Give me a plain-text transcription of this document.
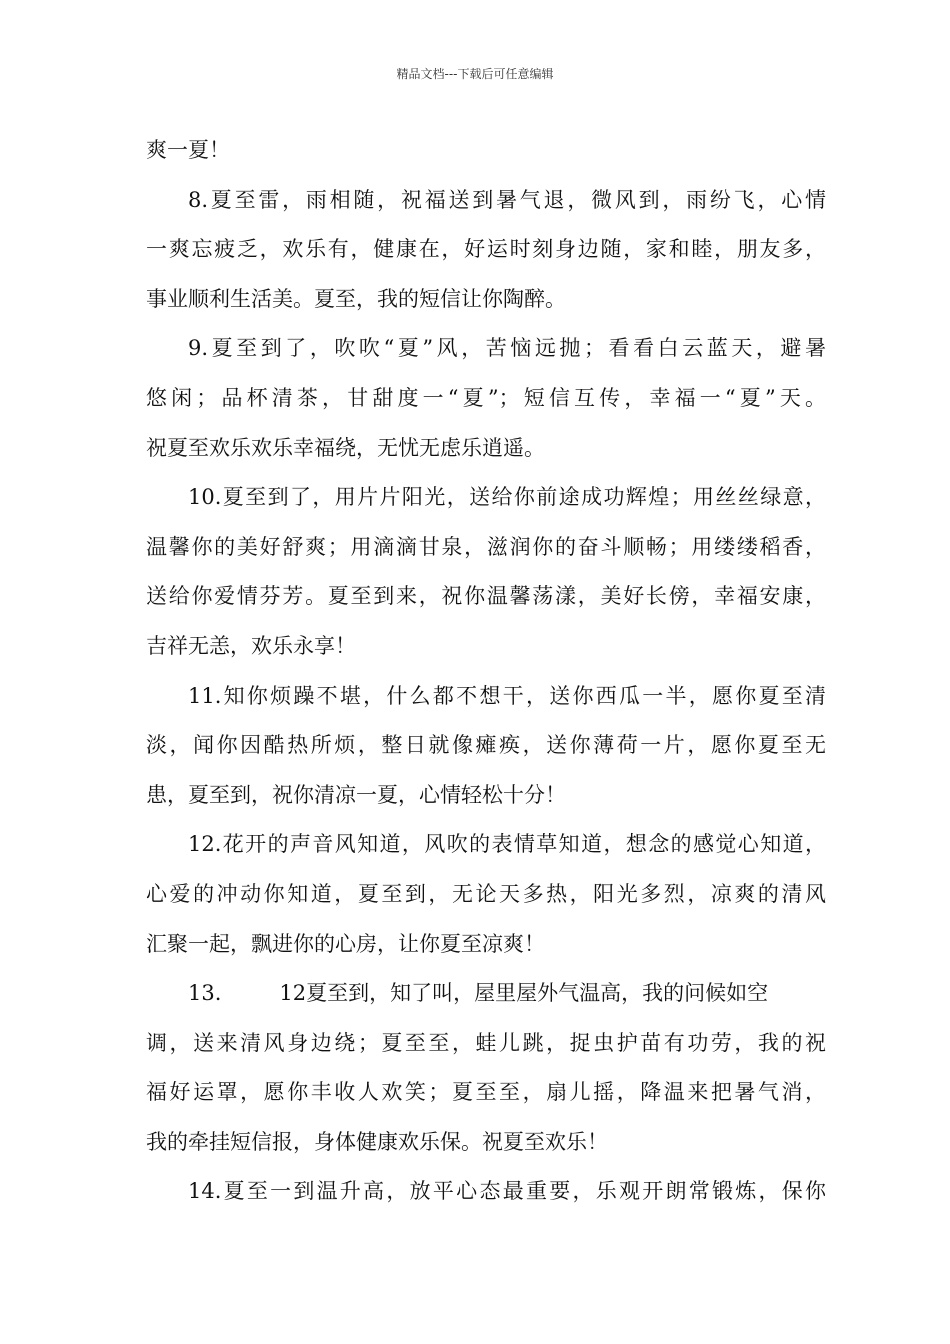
精品文档---下载后可任意编辑
爽一夏！
8.夏至雷，雨相随，祝福送到暑气退，微风到，雨纷飞，心情
一爽忘疲乏，欢乐有，健康在，好运时刻身边随，家和睦，朋友多，
事业顺利生活美。夏至，我的短信让你陶醉。
9.夏至到了，吹吹“夏”风，苦恼远抛；看看白云蓝天，避暑
悠闲；品杯清茶，甘甜度一“夏”；短信互传，幸福一“夏”天。
祝夏至欢乐欢乐幸福绕，无忧无虑乐逍遥。
10.夏至到了，用片片阳光，送给你前途成功辉煌；用丝丝绿意，
温馨你的美好舒爽；用滴滴甘泉，滋润你的奋斗顺畅；用缕缕稻香，
送给你爱情芬芳。夏至到来，祝你温馨荡漾，美好长傍，幸福安康，
吉祥无恙，欢乐永享！
11.知你烦躁不堪，什么都不想干，送你西瓜一半，愿你夏至清
淡，闻你因酷热所烦，整日就像瘫痪，送你薄荷一片，愿你夏至无
患，夏至到，祝你清凉一夏，心情轻松十分！
12.花开的声音风知道，风吹的表情草知道，想念的感觉心知道，
心爱的冲动你知道，夏至到，无论天多热，阳光多烈，凉爽的清风
汇聚一起，飘进你的心房，让你夏至凉爽！
13.	12夏至到，知了叫，屋里屋外气温高，我的问候如空
调，送来清风身边绕；夏至至，蛙儿跳，捉虫护苗有功劳，我的祝
福好运罩，愿你丰收人欢笑；夏至至，扇儿摇，降温来把暑气消，
我的牵挂短信报，身体健康欢乐保。祝夏至欢乐！
14.夏至一到温升高，放平心态最重要，乐观开朗常锻炼，保你
